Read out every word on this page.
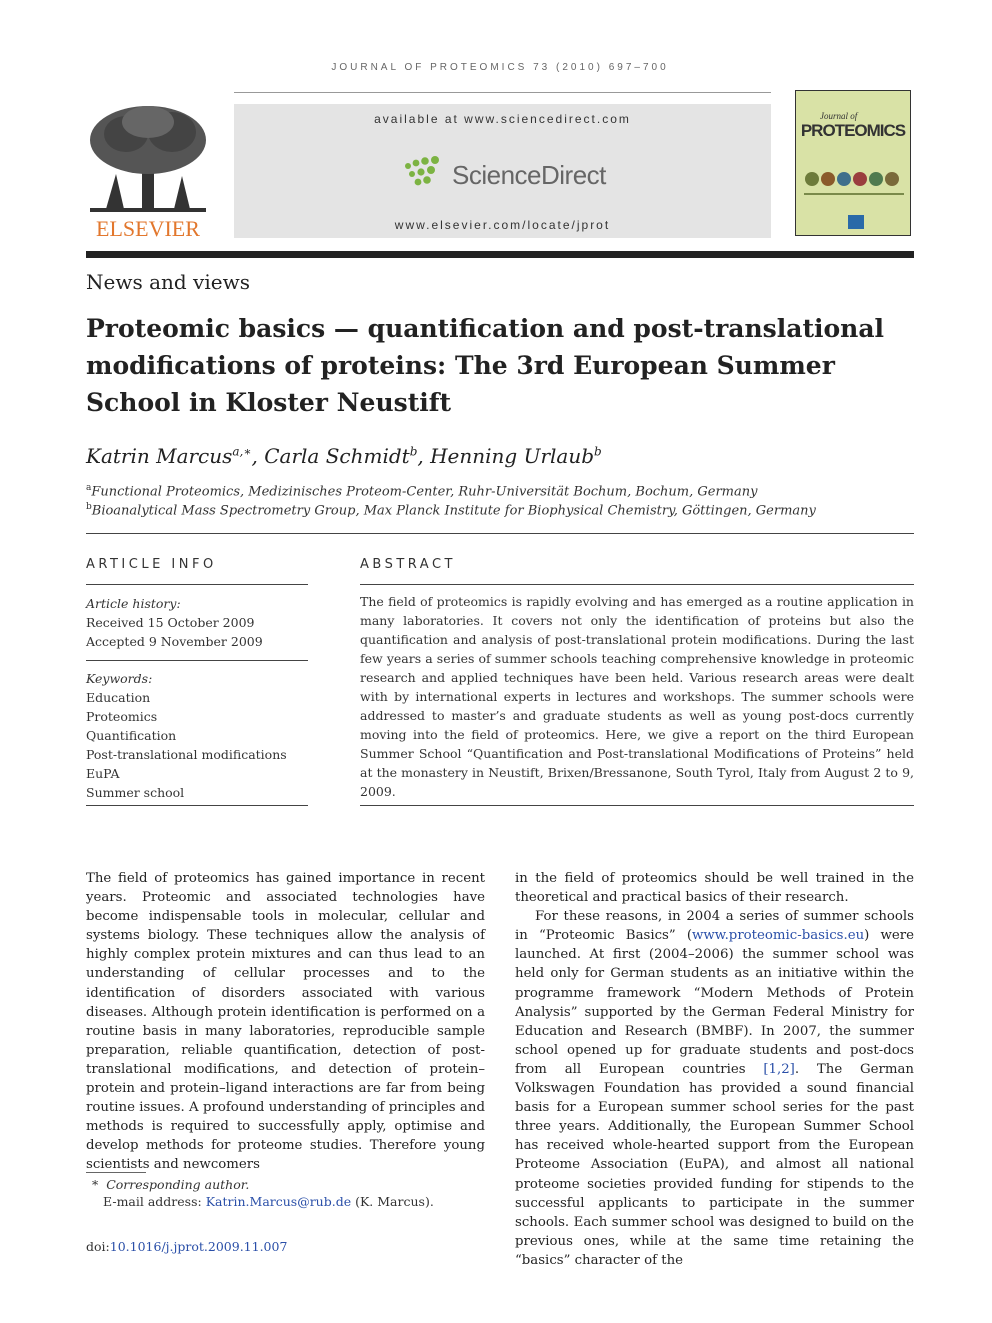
JOURNAL OF PROTEOMICS 73 (2010) 697–700
ELSEVIER
available at www.sciencedirect.com
ScienceDirect
www.elsevier.com/locate/jprot
Journal of
PROTEOMICS
News and views
Proteomic basics — quantification and post-translational modifications of proteins: The 3rd European Summer School in Kloster Neustift
Katrin Marcus$^{a,∗}$, Carla Schmidt$^b$, Henning Urlaub$^b$
$^a$Functional Proteomics, Medizinisches Proteom-Center, Ruhr-Universität Bochum, Bochum, Germany
$^b$Bioanalytical Mass Spectrometry Group, Max Planck Institute for Biophysical Chemistry, Göttingen, Germany
ARTICLE INFO
Article history:
Received 15 October 2009
Accepted 9 November 2009
Keywords:
Education
Proteomics
Quantification
Post-translational modifications
EuPA
Summer school
ABSTRACT
The field of proteomics is rapidly evolving and has emerged as a routine application in many laboratories. It covers not only the identification of proteins but also the quantification and analysis of post-translational protein modifications. During the last few years a series of summer schools teaching comprehensive knowledge in proteomic research and applied techniques have been held. Various research areas were dealt with by international experts in lectures and workshops. The summer schools were addressed to master’s and graduate students as well as young post-docs currently moving into the field of proteomics. Here, we give a report on the third European Summer School “Quantification and Post-translational Modifications of Proteins” held at the monastery in Neustift, Brixen/Bressanone, South Tyrol, Italy from August 2 to 9, 2009.
The field of proteomics has gained importance in recent years. Proteomic and associated technologies have become indispensable tools in molecular, cellular and systems biology. These techniques allow the analysis of highly complex protein mixtures and can thus lead to an understanding of cellular processes and to the identification of disorders associated with various diseases. Although protein identification is performed on a routine basis in many laboratories, reproducible sample preparation, reliable quantification, detection of post-translational modifications, and detection of protein–protein and protein–ligand interactions are far from being routine issues. A profound understanding of principles and methods is required to successfully apply, optimise and develop methods for proteome studies. Therefore young scientists and newcomers
in the field of proteomics should be well trained in the theoretical and practical basics of their research.
For these reasons, in 2004 a series of summer schools in “Proteomic Basics” (www.proteomic-basics.eu) were launched. At first (2004–2006) the summer school was held only for German students as an initiative within the programme framework “Modern Methods of Protein Analysis” supported by the German Federal Ministry for Education and Research (BMBF). In 2007, the summer school opened up for graduate students and post-docs from all European countries [1,2]. The German Volkswagen Foundation has provided a sound financial basis for a European summer school series for the past three years. Additionally, the European Summer School has received whole-hearted support from the European Proteome Association (EuPA), and almost all national proteome societies provided funding for stipends to the successful applicants to participate in the summer schools. Each summer school was designed to build on the previous ones, while at the same time retaining the “basics” character of the
* Corresponding author.
E-mail address: Katrin.Marcus@rub.de (K. Marcus).
doi:10.1016/j.jprot.2009.11.007
